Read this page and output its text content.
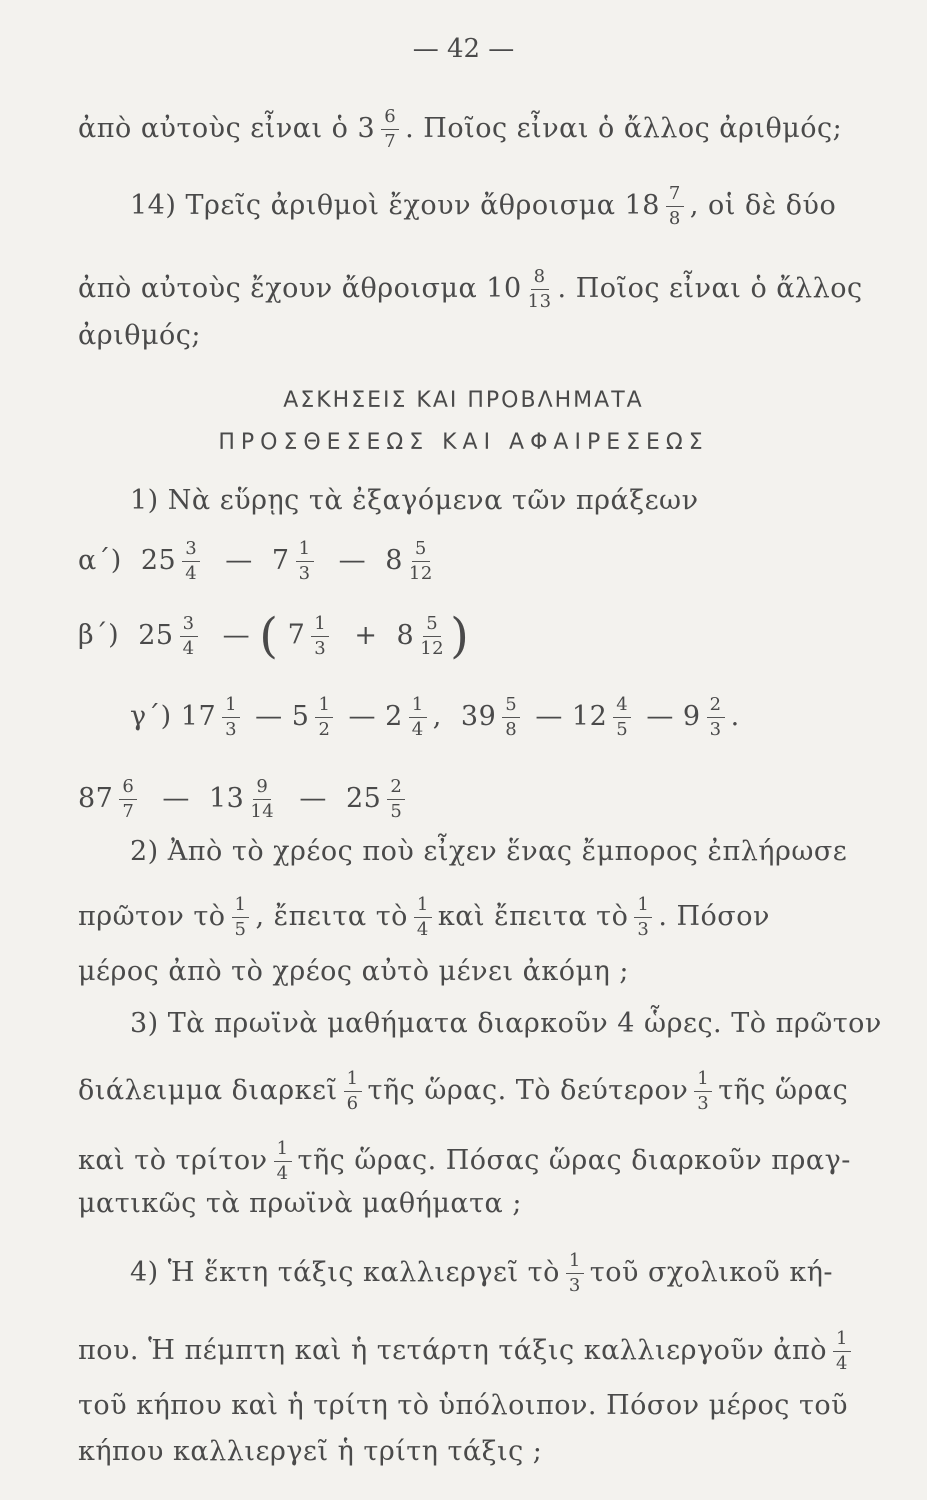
— 42 —
ἀπὸ αὐτοὺς εἶναι ὁ $3 \frac{6}{7}$ . Ποῖος εἶναι ὁ ἄλλος ἀριθμός;
14) Τρεῖς ἀριθμοὶ ἔχουν ἄθροισμα $18 \frac{7}{8}$ , οἱ δὲ δύο
ἀπὸ αὐτοὺς ἔχουν ἄθροισμα $10 \frac{8}{13}$ . Ποῖος εἶναι ὁ ἄλλος
ἀριθμός;
ΑΣΚΗΣΕΙΣ ΚΑΙ ΠΡΟΒΛΗΜΑΤΑ
ΠΡΟΣΘΕΣΕΩΣ ΚΑΙ ΑΦΑΙΡΕΣΕΩΣ
1) Νὰ εὕρῃς τὰ ἐξαγόμενα τῶν πράξεων
α΄) $25 \frac{3}{4}$ — $7 \frac{1}{3}$ — $8 \frac{5}{12}$
β΄) $25 \frac{3}{4}$ — ( $7 \frac{1}{3} + 8 \frac{5}{12}$ )
γ΄) $17 \frac{1}{3}$ — $5 \frac{1}{2}$ — $2 \frac{1}{4}$ , $39 \frac{5}{8}$ — $12 \frac{4}{5}$ — $9 \frac{2}{3}$ .
$87 \frac{6}{7}$ — $13 \frac{9}{14}$ — $25 \frac{2}{5}$
2) Ἀπὸ τὸ χρέος ποὺ εἶχεν ἕνας ἔμπορος ἐπλήρωσε
πρῶτον τὸ $\frac{1}{5}$ , ἔπειτα τὸ $\frac{1}{4}$ καὶ ἔπειτα τὸ $\frac{1}{3}$ . Πόσον
μέρος ἀπὸ τὸ χρέος αὐτὸ μένει ἀκόμη ;
3) Τὰ πρωϊνὰ μαθήματα διαρκοῦν 4 ὧρες. Τὸ πρῶτον
διάλειμμα διαρκεῖ $\frac{1}{6}$ τῆς ὥρας. Τὸ δεύτερον $\frac{1}{3}$ τῆς ὥρας
καὶ τὸ τρίτον $\frac{1}{4}$ τῆς ὥρας. Πόσας ὥρας διαρκοῦν πραγ-
ματικῶς τὰ πρωϊνὰ μαθήματα ;
4) Ἡ ἕκτη τάξις καλλιεργεῖ τὸ $\frac{1}{3}$ τοῦ σχολικοῦ κή-
που. Ἡ πέμπτη καὶ ἡ τετάρτη τάξις καλλιεργοῦν ἀπὸ $\frac{1}{4}$
τοῦ κήπου καὶ ἡ τρίτη τὸ ὑπόλοιπον. Πόσον μέρος τοῦ
κήπου καλλιεργεῖ ἡ τρίτη τάξις ;
